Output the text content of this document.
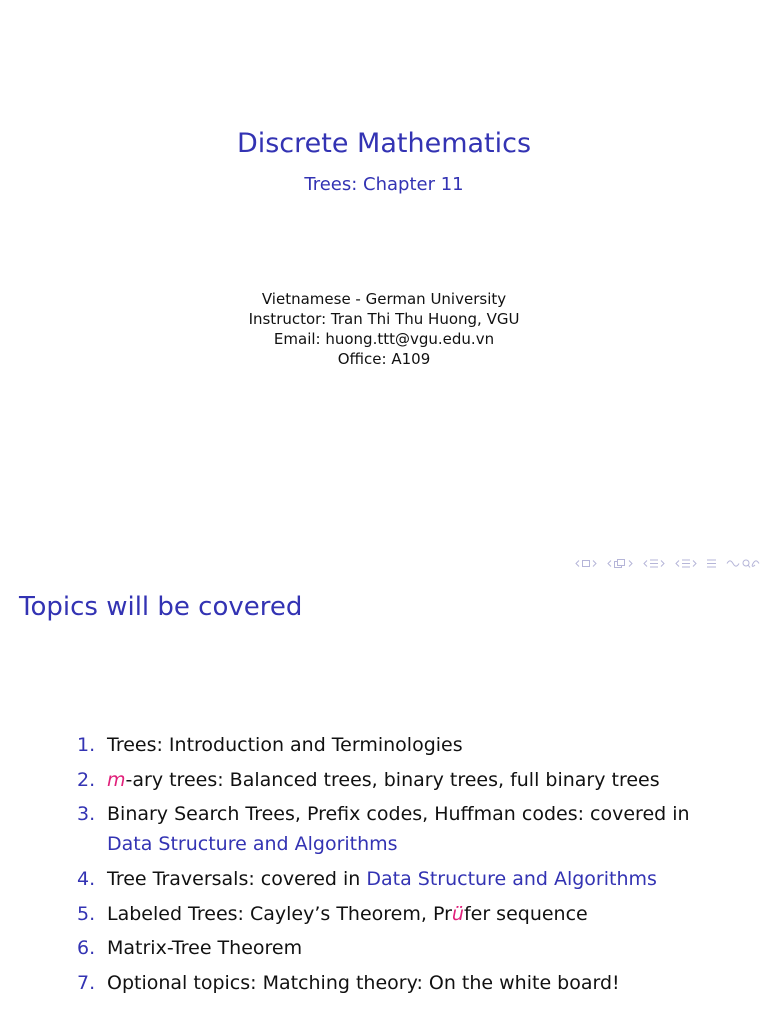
Discrete Mathematics
Trees: Chapter 11
Vietnamese - German University
Instructor: Tran Thi Thu Huong, VGU
Email: huong.ttt@vgu.edu.vn
Office: A109
Topics will be covered
1. Trees: Introduction and Terminologies
2. m-ary trees: Balanced trees, binary trees, full binary trees
3. Binary Search Trees, Prefix codes, Huffman codes: covered in
Data Structure and Algorithms
4. Tree Traversals: covered in Data Structure and Algorithms
5. Labeled Trees: Cayley’s Theorem, Prüfer sequence
6. Matrix-Tree Theorem
7. Optional topics: Matching theory: On the white board!
